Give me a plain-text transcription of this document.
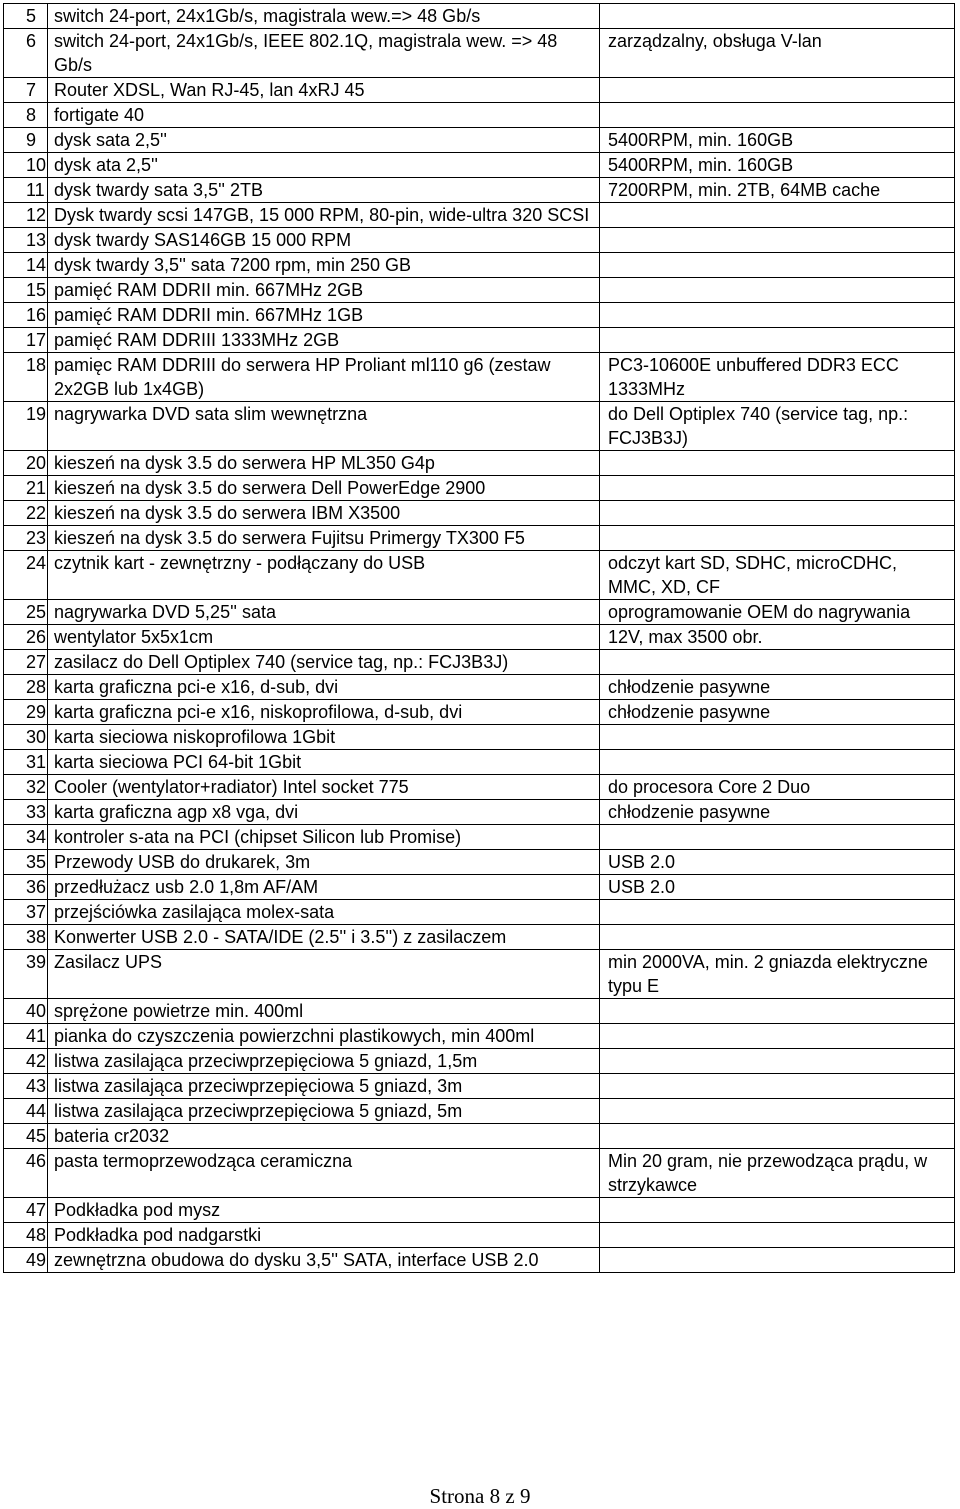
5	switch 24-port, 24x1Gb/s, magistrala wew.=> 48 Gb/s	
6	switch 24-port, 24x1Gb/s, IEEE 802.1Q, magistrala wew. => 48 Gb/s	zarządzalny, obsługa V-lan
7	Router XDSL, Wan RJ-45, lan 4xRJ 45	
8	fortigate 40	
9	dysk sata 2,5''	5400RPM, min. 160GB
10	dysk ata 2,5''	5400RPM, min. 160GB
11	dysk twardy sata 3,5'' 2TB	7200RPM, min. 2TB, 64MB cache
12	Dysk twardy scsi 147GB, 15 000 RPM, 80-pin, wide-ultra 320 SCSI	
13	dysk twardy SAS146GB 15 000 RPM	
14	dysk twardy 3,5'' sata 7200 rpm, min 250 GB	
15	pamięć RAM DDRII min. 667MHz 2GB	
16	pamięć RAM DDRII min. 667MHz 1GB	
17	pamięć RAM DDRIII 1333MHz 2GB	
18	pamięc RAM DDRIII do serwera HP Proliant ml110 g6 (zestaw 2x2GB lub 1x4GB)	PC3-10600E unbuffered DDR3 ECC 1333MHz
19	nagrywarka DVD sata slim wewnętrzna	do Dell Optiplex 740 (service tag, np.: FCJ3B3J)
20	kieszeń na dysk 3.5 do serwera HP ML350 G4p	
21	kieszeń na dysk 3.5 do serwera Dell PowerEdge 2900	
22	kieszeń na dysk 3.5 do serwera IBM X3500	
23	kieszeń na dysk 3.5 do serwera Fujitsu Primergy TX300 F5	
24	czytnik kart - zewnętrzny - podłączany do USB	odczyt kart SD, SDHC, microCDHC, MMC, XD, CF
25	nagrywarka DVD 5,25'' sata	oprogramowanie OEM do nagrywania
26	wentylator 5x5x1cm	12V, max 3500 obr.
27	zasilacz do Dell Optiplex 740 (service tag, np.: FCJ3B3J)	
28	karta graficzna pci-e x16, d-sub, dvi	chłodzenie pasywne
29	karta graficzna pci-e x16, niskoprofilowa, d-sub, dvi	chłodzenie pasywne
30	karta sieciowa niskoprofilowa 1Gbit	
31	karta sieciowa PCI 64-bit 1Gbit	
32	Cooler (wentylator+radiator) Intel socket 775	do procesora Core 2 Duo
33	karta graficzna agp x8 vga, dvi	chłodzenie pasywne
34	kontroler s-ata na PCI (chipset Silicon lub Promise)	
35	Przewody USB do drukarek, 3m	USB 2.0
36	przedłużacz usb 2.0 1,8m AF/AM	USB 2.0
37	przejściówka zasilająca molex-sata	
38	Konwerter USB 2.0 - SATA/IDE (2.5'' i 3.5'') z zasilaczem	
39	Zasilacz UPS	min 2000VA, min. 2 gniazda elektryczne typu E
40	sprężone powietrze min. 400ml	
41	pianka do czyszczenia powierzchni plastikowych, min 400ml	
42	listwa zasilająca przeciwprzepięciowa 5 gniazd, 1,5m	
43	listwa zasilająca przeciwprzepięciowa 5 gniazd, 3m	
44	listwa zasilająca przeciwprzepięciowa 5 gniazd, 5m	
45	bateria cr2032	
46	pasta termoprzewodząca ceramiczna	Min 20 gram, nie przewodząca prądu, w strzykawce
47	Podkładka pod mysz	
48	Podkładka pod nadgarstki	
49	zewnętrzna obudowa do dysku 3,5'' SATA, interface USB 2.0	
Strona 8 z 9
